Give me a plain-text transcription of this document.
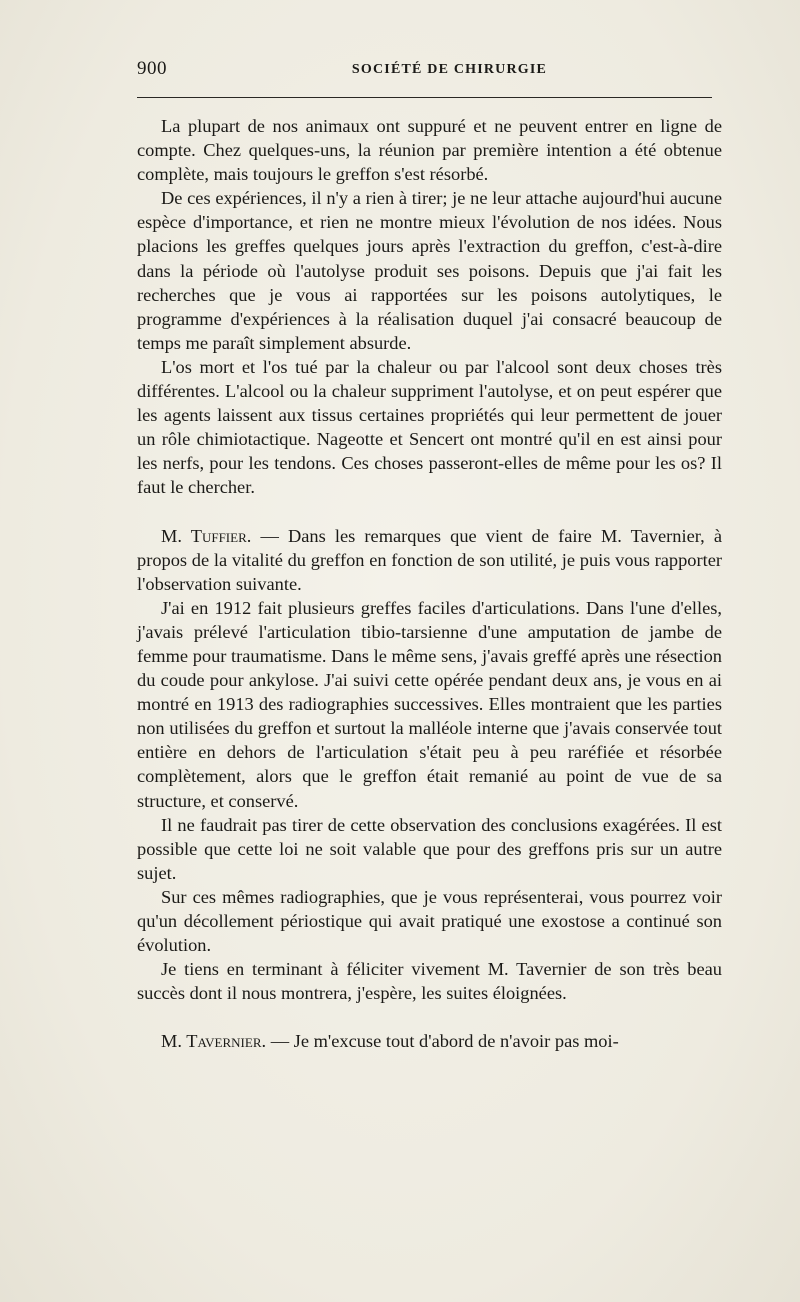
900	SOCIÉTÉ DE CHIRURGIE

La plupart de nos animaux ont suppuré et ne peuvent entrer en ligne de compte. Chez quelques-uns, la réunion par première intention a été obtenue complète, mais toujours le greffon s'est résorbé.

De ces expériences, il n'y a rien à tirer; je ne leur attache aujourd'hui aucune espèce d'importance, et rien ne montre mieux l'évolution de nos idées. Nous placions les greffes quelques jours après l'extraction du greffon, c'est-à-dire dans la période où l'autolyse produit ses poisons. Depuis que j'ai fait les recherches que je vous ai rapportées sur les poisons autolytiques, le programme d'expériences à la réalisation duquel j'ai consacré beaucoup de temps me paraît simplement absurde.

L'os mort et l'os tué par la chaleur ou par l'alcool sont deux choses très différentes. L'alcool ou la chaleur suppriment l'autolyse, et on peut espérer que les agents laissent aux tissus certaines propriétés qui leur permettent de jouer un rôle chimiotactique. Nageotte et Sencert ont montré qu'il en est ainsi pour les nerfs, pour les tendons. Ces choses passeront-elles de même pour les os? Il faut le chercher.

M. Tuffier. — Dans les remarques que vient de faire M. Tavernier, à propos de la vitalité du greffon en fonction de son utilité, je puis vous rapporter l'observation suivante.

J'ai en 1912 fait plusieurs greffes faciles d'articulations. Dans l'une d'elles, j'avais prélevé l'articulation tibio-tarsienne d'une amputation de jambe de femme pour traumatisme. Dans le même sens, j'avais greffé après une résection du coude pour ankylose. J'ai suivi cette opérée pendant deux ans, je vous en ai montré en 1913 des radiographies successives. Elles montraient que les parties non utilisées du greffon et surtout la malléole interne que j'avais conservée tout entière en dehors de l'articulation s'était peu à peu raréfiée et résorbée complètement, alors que le greffon était remanié au point de vue de sa structure, et conservé.

Il ne faudrait pas tirer de cette observation des conclusions exagérées. Il est possible que cette loi ne soit valable que pour des greffons pris sur un autre sujet.

Sur ces mêmes radiographies, que je vous représenterai, vous pourrez voir qu'un décollement périostique qui avait pratiqué une exostose a continué son évolution.

Je tiens en terminant à féliciter vivement M. Tavernier de son très beau succès dont il nous montrera, j'espère, les suites éloignées.

M. Tavernier. — Je m'excuse tout d'abord de n'avoir pas moi-
